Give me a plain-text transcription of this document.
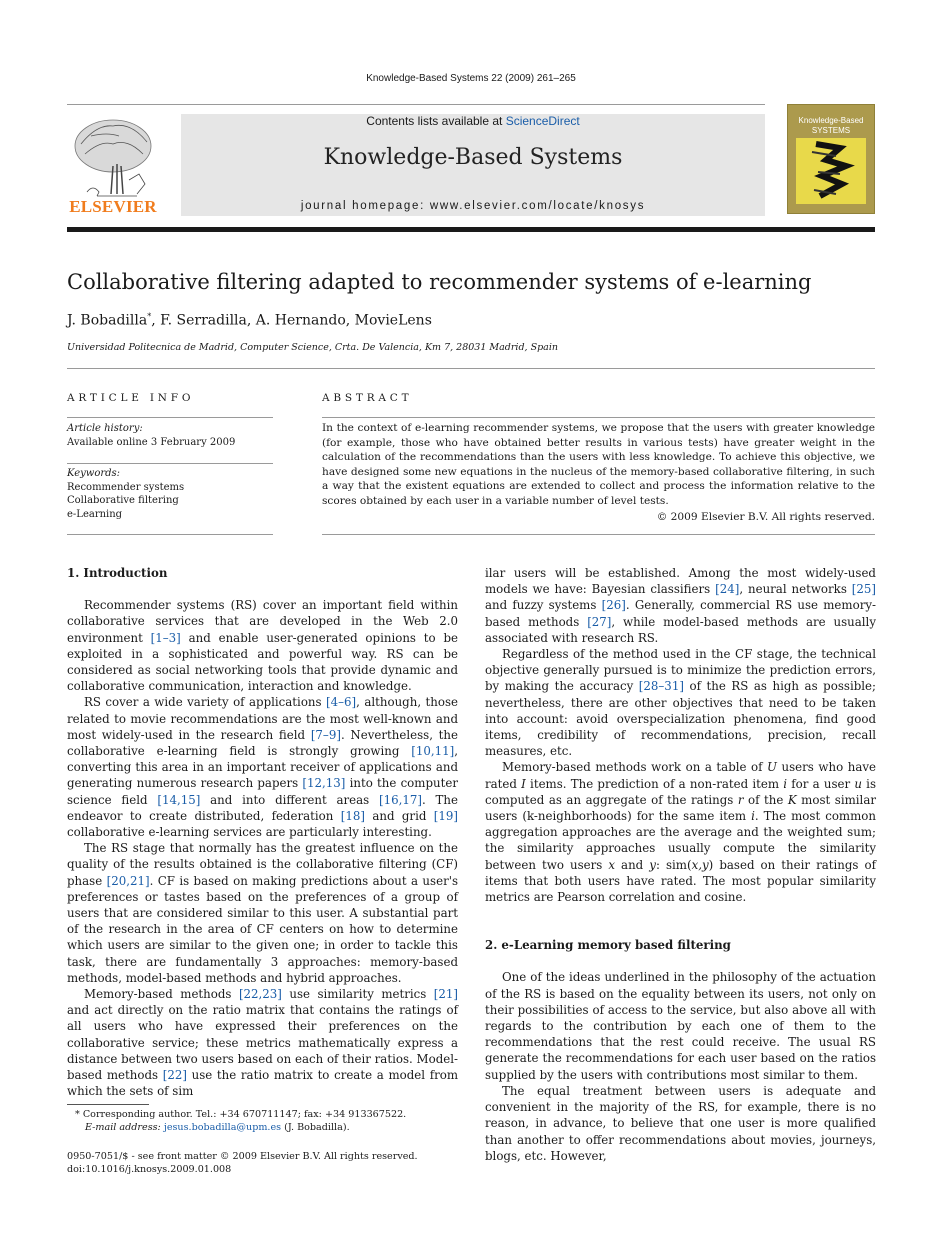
Knowledge-Based Systems 22 (2009) 261–265
ELSEVIER
Contents lists available at ScienceDirect
Knowledge-Based Systems
journal homepage: www.elsevier.com/locate/knosys
Knowledge-Based
SYSTEMS
Collaborative filtering adapted to recommender systems of e-learning
J. Bobadilla*, F. Serradilla, A. Hernando, MovieLens
Universidad Politecnica de Madrid, Computer Science, Crta. De Valencia, Km 7, 28031 Madrid, Spain
ARTICLE INFO	ABSTRACT
Article history:
Available online 3 February 2009
Keywords:
Recommender systems
Collaborative filtering
e-Learning
In the context of e-learning recommender systems, we propose that the users with greater knowledge (for example, those who have obtained better results in various tests) have greater weight in the calculation of the recommendations than the users with less knowledge. To achieve this objective, we have designed some new equations in the nucleus of the memory-based collaborative filtering, in such a way that the existent equations are extended to collect and process the information relative to the scores obtained by each user in a variable number of level tests.
© 2009 Elsevier B.V. All rights reserved.
1. Introduction

Recommender systems (RS) cover an important field within collaborative services that are developed in the Web 2.0 environment [1–3] and enable user-generated opinions to be exploited in a sophisticated and powerful way. RS can be considered as social networking tools that provide dynamic and collaborative communication, interaction and knowledge.

RS cover a wide variety of applications [4–6], although, those related to movie recommendations are the most well-known and most widely-used in the research field [7–9]. Nevertheless, the collaborative e-learning field is strongly growing [10,11], converting this area in an important receiver of applications and generating numerous research papers [12,13] into the computer science field [14,15] and into different areas [16,17]. The endeavor to create distributed, federation [18] and grid [19] collaborative e-learning services are particularly interesting.

The RS stage that normally has the greatest influence on the quality of the results obtained is the collaborative filtering (CF) phase [20,21]. CF is based on making predictions about a user's preferences or tastes based on the preferences of a group of users that are considered similar to this user. A substantial part of the research in the area of CF centers on how to determine which users are similar to the given one; in order to tackle this task, there are fundamentally 3 approaches: memory-based methods, model-based methods and hybrid approaches.

Memory-based methods [22,23] use similarity metrics [21] and act directly on the ratio matrix that contains the ratings of all users who have expressed their preferences on the collaborative service; these metrics mathematically express a distance between two users based on each of their ratios. Model-based methods [22] use the ratio matrix to create a model from which the sets of sim

ilar users will be established. Among the most widely-used models we have: Bayesian classifiers [24], neural networks [25] and fuzzy systems [26]. Generally, commercial RS use memory-based methods [27], while model-based methods are usually associated with research RS.

Regardless of the method used in the CF stage, the technical objective generally pursued is to minimize the prediction errors, by making the accuracy [28–31] of the RS as high as possible; nevertheless, there are other objectives that need to be taken into account: avoid overspecialization phenomena, find good items, credibility of recommendations, precision, recall measures, etc.

Memory-based methods work on a table of U users who have rated I items. The prediction of a non-rated item i for a user u is computed as an aggregate of the ratings r of the K most similar users (k-neighborhoods) for the same item i. The most common aggregation approaches are the average and the weighted sum; the similarity approaches usually compute the similarity between two users x and y: sim(x,y) based on their ratings of items that both users have rated. The most popular similarity metrics are Pearson correlation and cosine.

2. e-Learning memory based filtering

One of the ideas underlined in the philosophy of the actuation of the RS is based on the equality between its users, not only on their possibilities of access to the service, but also above all with regards to the contribution by each one of them to the recommendations that the rest could receive. The usual RS generate the recommendations for each user based on the ratios supplied by the users with contributions most similar to them.

The equal treatment between users is adequate and convenient in the majority of the RS, for example, there is no reason, in advance, to believe that one user is more qualified than another to offer recommendations about movies, journeys, blogs, etc. However,

* Corresponding author. Tel.: +34 670711147; fax: +34 913367522.
E-mail address: jesus.bobadilla@upm.es (J. Bobadilla).
0950-7051/$ - see front matter © 2009 Elsevier B.V. All rights reserved.
doi:10.1016/j.knosys.2009.01.008
